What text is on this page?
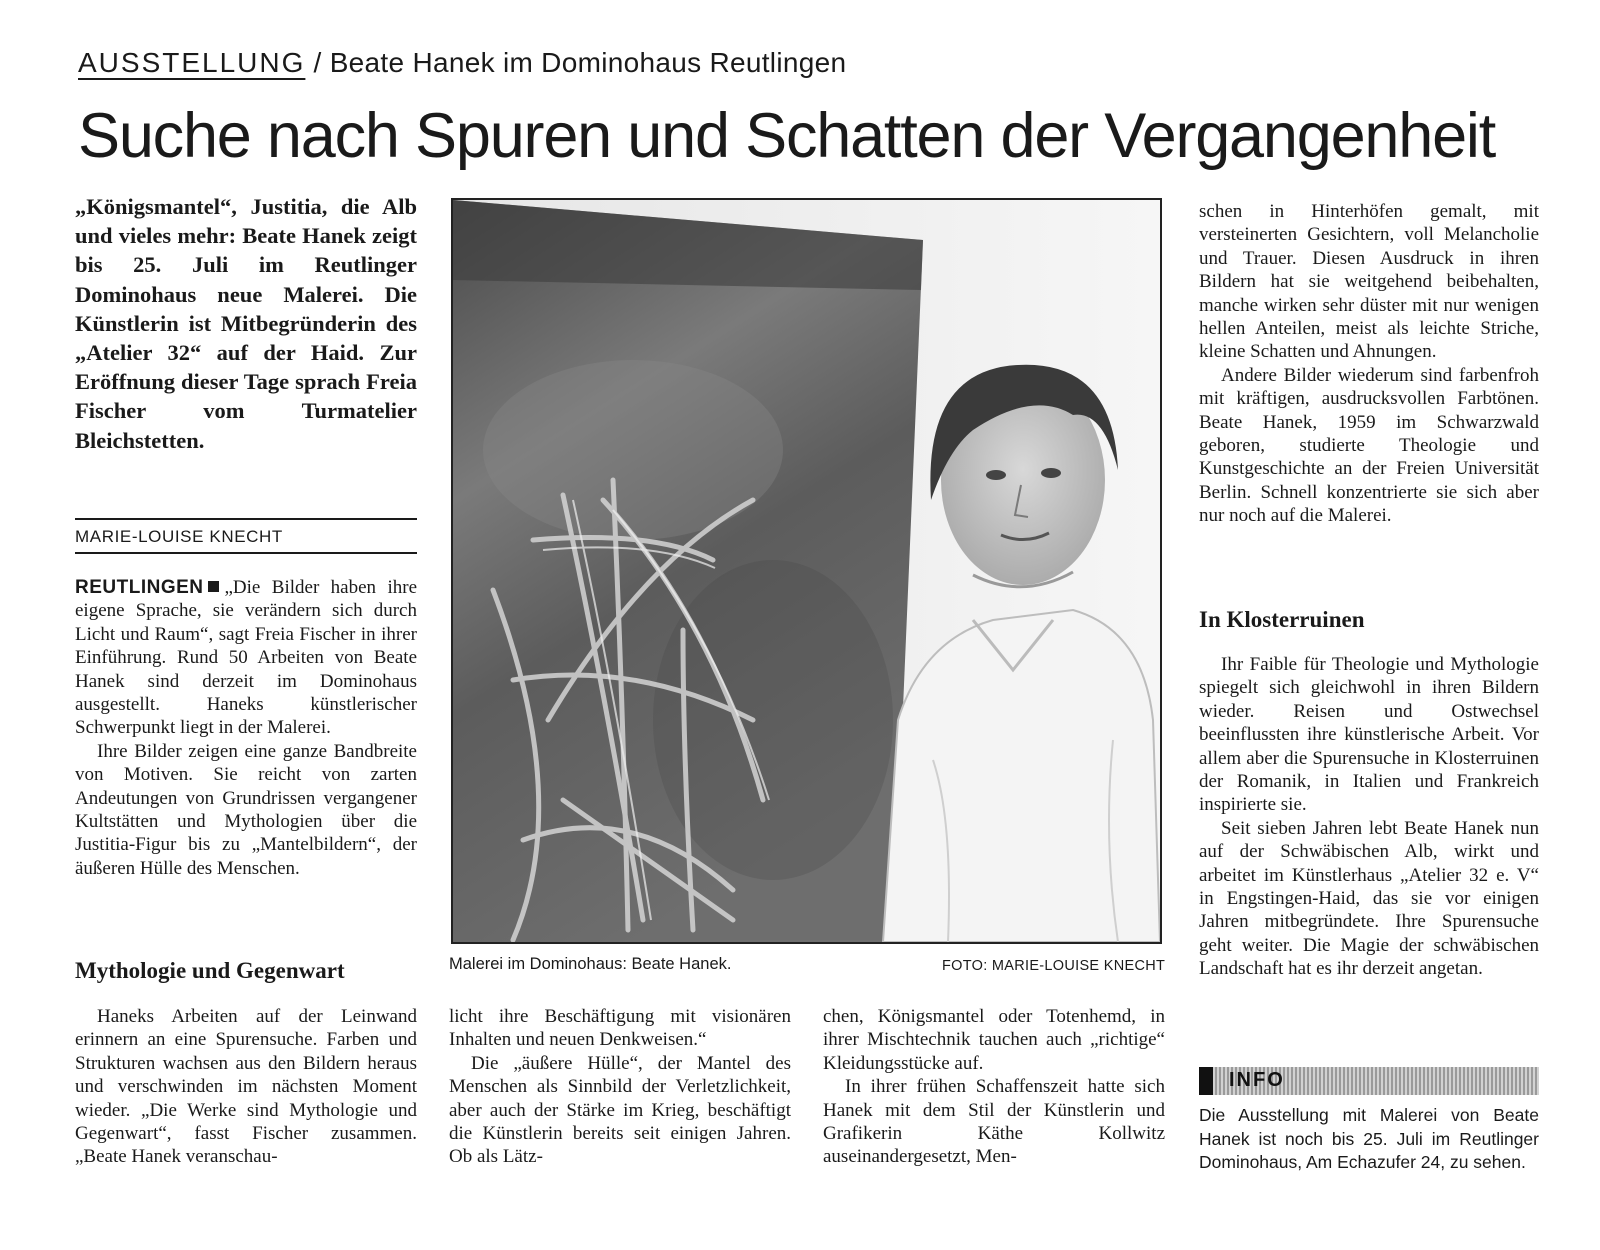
AUSSTELLUNG / Beate Hanek im Dominohaus Reutlingen
Suche nach Spuren und Schatten der Vergangenheit
„Königsmantel“, Justitia, die Alb und vieles mehr: Beate Hanek zeigt bis 25. Juli im Reutlinger Dominohaus neue Malerei. Die Künstlerin ist Mitbegründerin des „Atelier 32“ auf der Haid. Zur Eröffnung dieser Tage sprach Freia Fischer vom Turmatelier Bleichstetten.
MARIE-LOUISE KNECHT

REUTLINGEN „Die Bilder haben ihre eigene Sprache, sie verändern sich durch Licht und Raum“, sagt Freia Fischer in ihrer Einführung. Rund 50 Arbeiten von Beate Hanek sind derzeit im Dominohaus ausgestellt. Haneks künstlerischer Schwerpunkt liegt in der Malerei.

Ihre Bilder zeigen eine ganze Bandbreite von Motiven. Sie reicht von zarten Andeutungen von Grundrissen vergangener Kultstätten und Mythologien über die Justitia-Figur bis zu „Mantelbildern“, der äußeren Hülle des Menschen.

Mythologie und Gegenwart

Haneks Arbeiten auf der Leinwand erinnern an eine Spurensuche. Farben und Strukturen wachsen aus den Bildern heraus und verschwinden im nächsten Moment wieder. „Die Werke sind Mythologie und Gegenwart“, fasst Fischer zusammen. „Beate Hanek veranschau-

Malerei im Dominohaus: Beate Hanek.	FOTO: MARIE-LOUISE KNECHT

licht ihre Beschäftigung mit visionären Inhalten und neuen Denkweisen.“

Die „äußere Hülle“, der Mantel des Menschen als Sinnbild der Verletzlichkeit, aber auch der Stärke im Krieg, beschäftigt die Künstlerin bereits seit einigen Jahren. Ob als Lätz-

chen, Königsmantel oder Totenhemd, in ihrer Mischtechnik tauchen auch „richtige“ Kleidungsstücke auf.

In ihrer frühen Schaffenszeit hatte sich Hanek mit dem Stil der Künstlerin und Grafikerin Käthe Kollwitz auseinandergesetzt, Men-

schen in Hinterhöfen gemalt, mit versteinerten Gesichtern, voll Melancholie und Trauer. Diesen Ausdruck in ihren Bildern hat sie weitgehend beibehalten, manche wirken sehr düster mit nur wenigen hellen Anteilen, meist als leichte Striche, kleine Schatten und Ahnungen.

Andere Bilder wiederum sind farbenfroh mit kräftigen, ausdrucksvollen Farbtönen. Beate Hanek, 1959 im Schwarzwald geboren, studierte Theologie und Kunstgeschichte an der Freien Universität Berlin. Schnell konzentrierte sie sich aber nur noch auf die Malerei.

In Klosterruinen

Ihr Faible für Theologie und Mythologie spiegelt sich gleichwohl in ihren Bildern wieder. Reisen und Ostwechsel beeinflussten ihre künstlerische Arbeit. Vor allem aber die Spurensuche in Klosterruinen der Romanik, in Italien und Frankreich inspirierte sie.

Seit sieben Jahren lebt Beate Hanek nun auf der Schwäbischen Alb, wirkt und arbeitet im Künstlerhaus „Atelier 32 e. V“ in Engstingen-Haid, das sie vor einigen Jahren mitbegründete. Ihre Spurensuche geht weiter. Die Magie der schwäbischen Landschaft hat es ihr derzeit angetan.

INFO
Die Ausstellung mit Malerei von Beate Hanek ist noch bis 25. Juli im Reutlinger Dominohaus, Am Echazufer 24, zu sehen.
